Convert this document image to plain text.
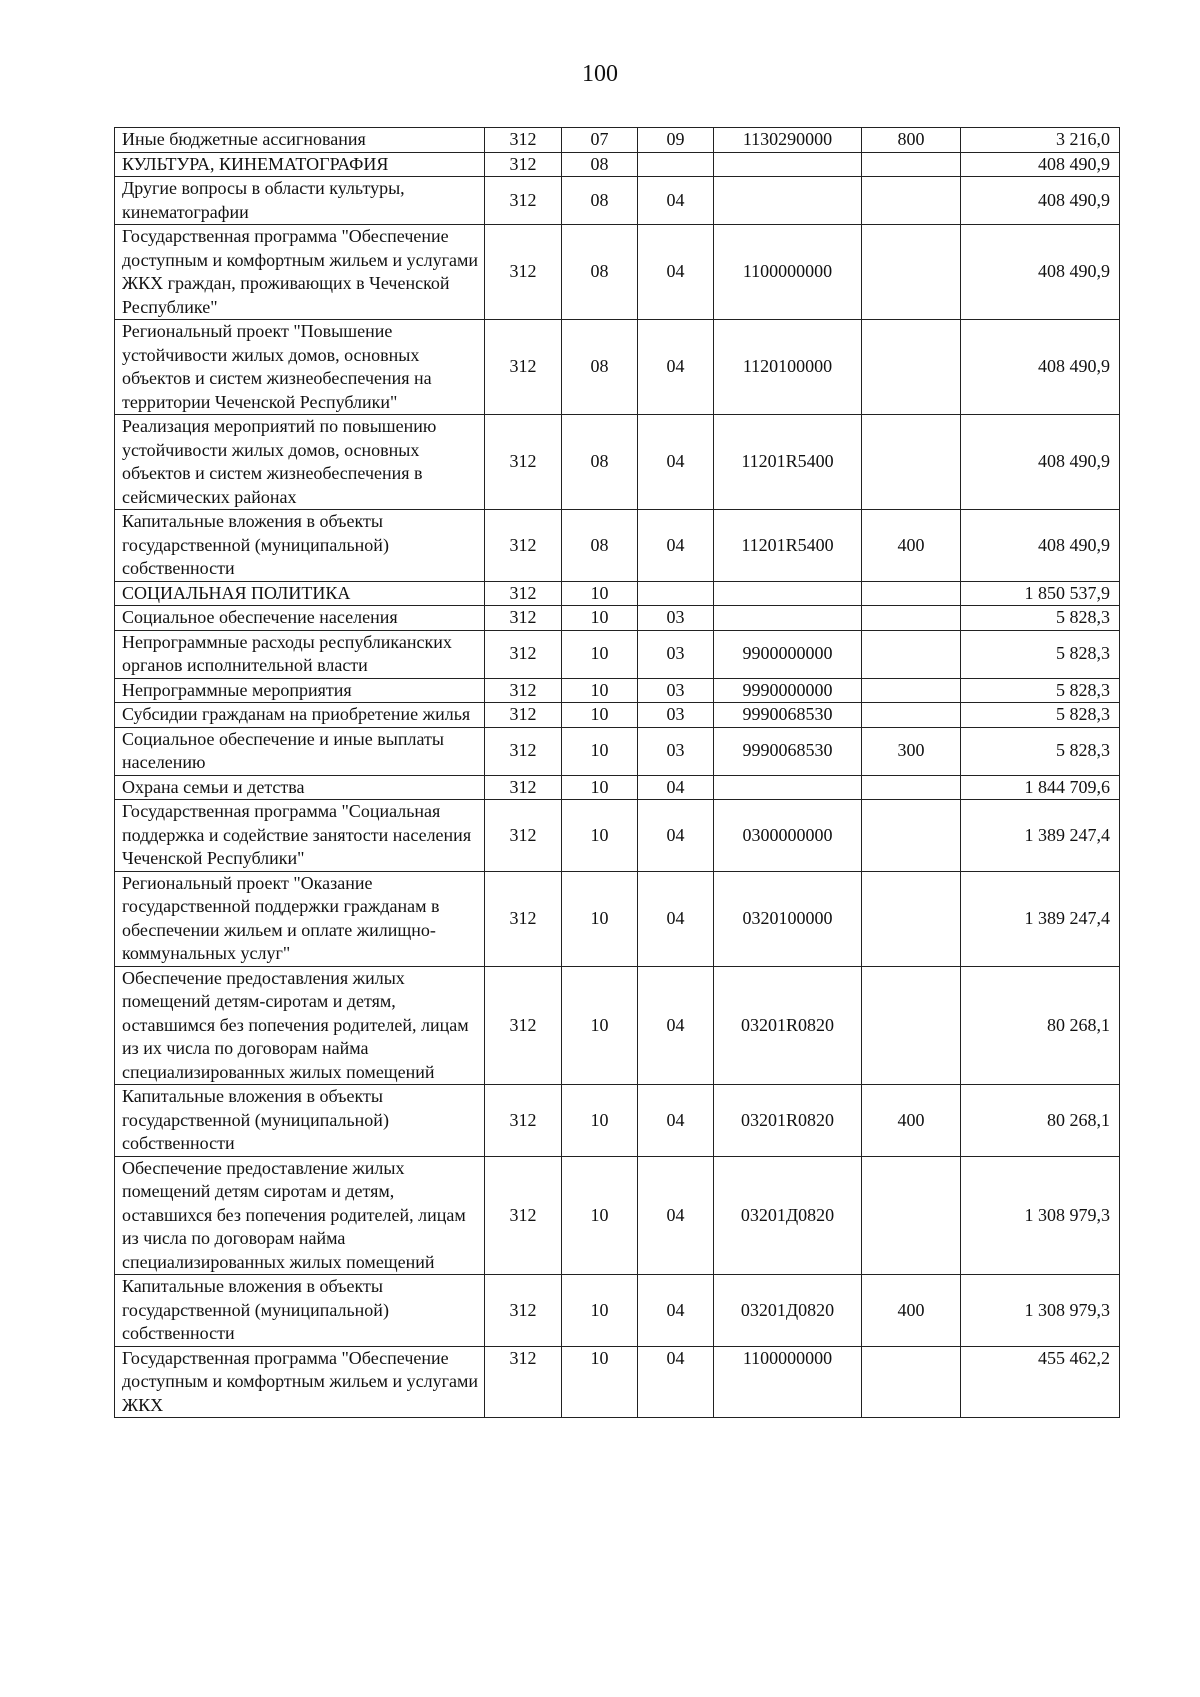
100
Иные бюджетные ассигнования	312	07	09	1130290000	800	3 216,0
КУЛЬТУРА, КИНЕМАТОГРАФИЯ	312	08				408 490,9
Другие вопросы в области культуры, кинематографии	312	08	04			408 490,9
Государственная программа "Обеспечение доступным и комфортным жильем и услугами ЖКХ граждан, проживающих в Чеченской Республике"	312	08	04	1100000000		408 490,9
Региональный проект "Повышение устойчивости жилых домов, основных объектов и систем жизнеобеспечения на территории Чеченской Республики"	312	08	04	1120100000		408 490,9
Реализация мероприятий по повышению устойчивости жилых домов, основных объектов и систем жизнеобеспечения в сейсмических районах	312	08	04	11201R5400		408 490,9
Капитальные вложения в объекты государственной (муниципальной) собственности	312	08	04	11201R5400	400	408 490,9
СОЦИАЛЬНАЯ ПОЛИТИКА	312	10				1 850 537,9
Социальное обеспечение населения	312	10	03			5 828,3
Непрограммные расходы республиканских органов исполнительной власти	312	10	03	9900000000		5 828,3
Непрограммные мероприятия	312	10	03	9990000000		5 828,3
Субсидии гражданам на приобретение жилья	312	10	03	9990068530		5 828,3
Социальное обеспечение и иные выплаты населению	312	10	03	9990068530	300	5 828,3
Охрана семьи и детства	312	10	04			1 844 709,6
Государственная программа "Социальная поддержка и содействие занятости населения Чеченской Республики"	312	10	04	0300000000		1 389 247,4
Региональный проект "Оказание государственной поддержки гражданам в обеспечении жильем и оплате жилищно-коммунальных услуг"	312	10	04	0320100000		1 389 247,4
Обеспечение предоставления жилых помещений детям-сиротам и детям, оставшимся без попечения родителей, лицам из их числа по договорам найма специализированных жилых помещений	312	10	04	03201R0820		80 268,1
Капитальные вложения в объекты государственной (муниципальной) собственности	312	10	04	03201R0820	400	80 268,1
Обеспечение предоставление жилых помещений детям сиротам и детям, оставшихся без попечения родителей, лицам из числа по договорам найма специализированных жилых помещений	312	10	04	03201Д0820		1 308 979,3
Капитальные вложения в объекты государственной (муниципальной) собственности	312	10	04	03201Д0820	400	1 308 979,3
Государственная программа "Обеспечение доступным и комфортным жильем и услугами ЖКХ	312	10	04	1100000000		455 462,2
